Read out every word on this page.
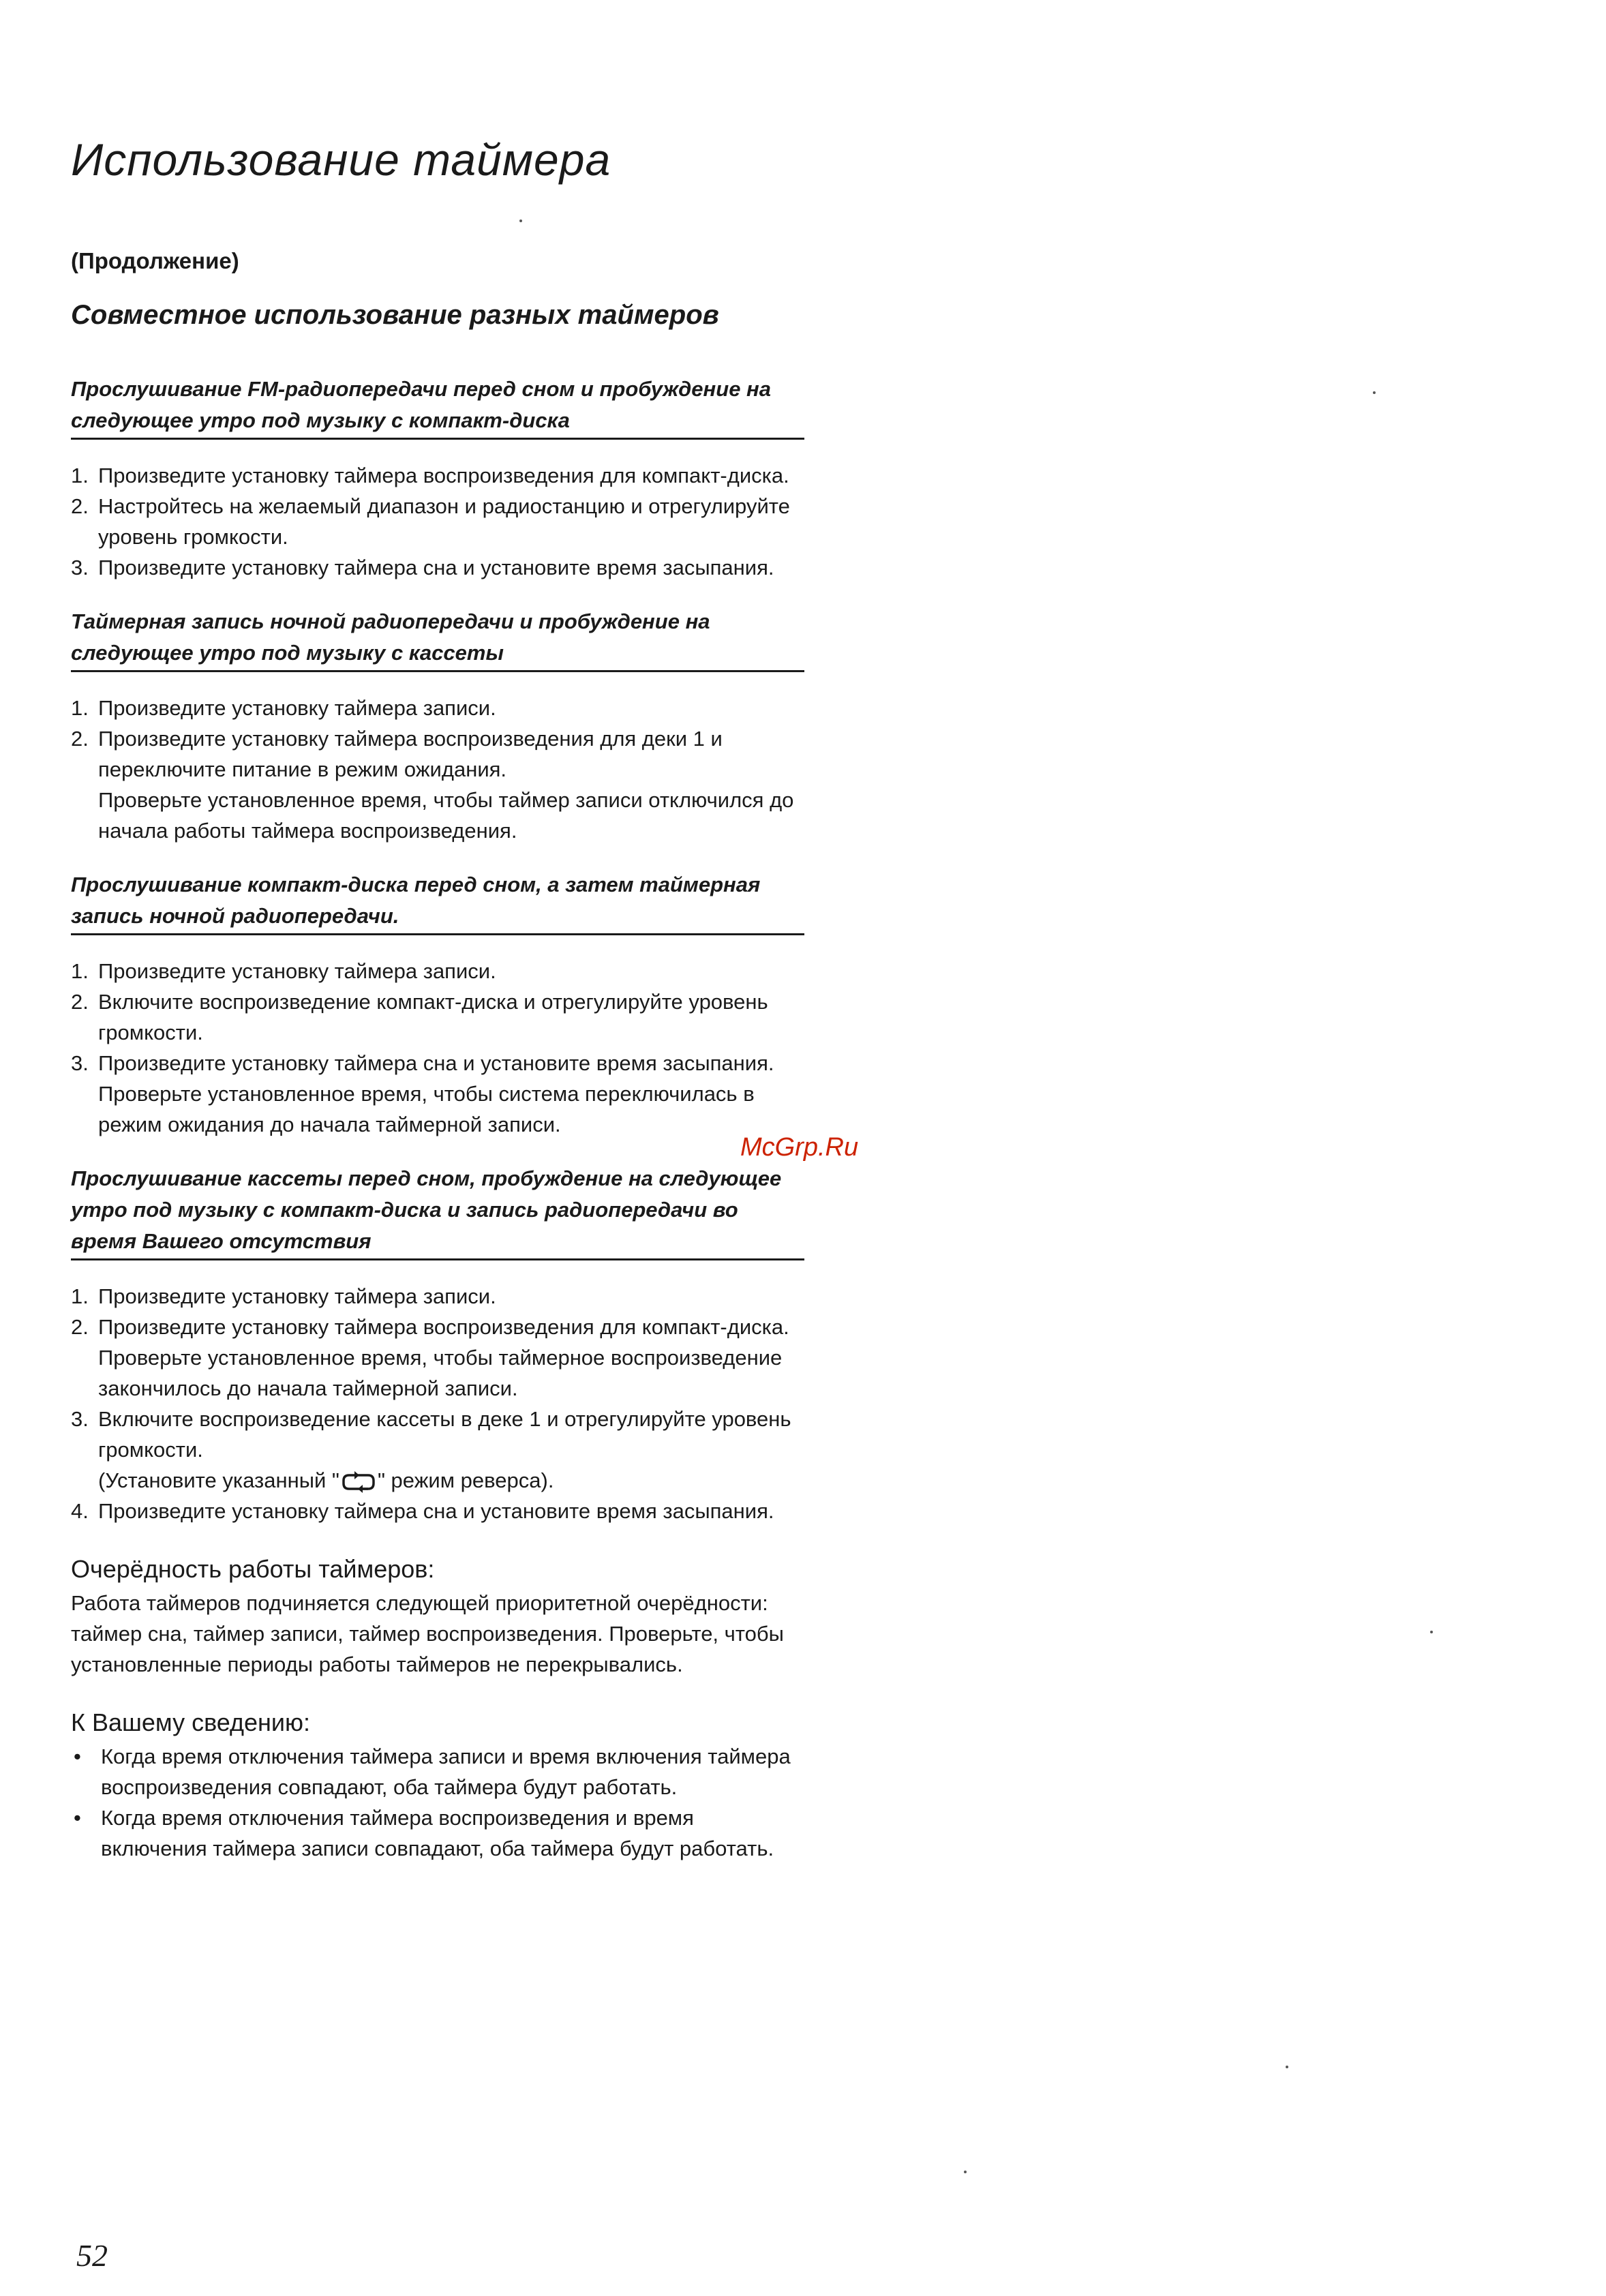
Использование таймера
(Продолжение)
Совместное использование разных таймеров
Прослушивание FM-радиопередачи перед сном и пробуждение на следующее утро под музыку с компакт-диска
1. Произведите установку таймера воспроизведения для компакт-диска.
2. Настройтесь на желаемый диапазон и радиостанцию и отрегулируйте уровень громкости.
3. Произведите установку таймера сна и установите время засыпания.
Таймерная запись ночной радиопередачи и пробуждение на следующее утро под музыку с кассеты
1. Произведите установку таймера записи.
2. Произведите установку таймера воспроизведения для деки 1 и переключите питание в режим ожидания.
Проверьте установленное время, чтобы таймер записи отключился до начала работы таймера воспроизведения.
Прослушивание компакт-диска перед сном, а затем таймерная запись ночной радиопередачи.
1. Произведите установку таймера записи.
2. Включите воспроизведение компакт-диска и отрегулируйте уровень громкости.
3. Произведите установку таймера сна и установите время засыпания.
Проверьте установленное время, чтобы система переключилась в режим ожидания до начала таймерной записи.
Прослушивание кассеты перед сном, пробуждение на следующее утро под музыку с компакт-диска и запись радиопередачи во время Вашего отсутствия
1. Произведите установку таймера записи.
2. Произведите установку таймера воспроизведения для компакт-диска.
Проверьте установленное время, чтобы таймерное воспроизведение закончилось до начала таймерной записи.
3. Включите воспроизведение кассеты в деке 1 и отрегулируйте уровень громкости.
(Установите указанный " " режим реверса).
4. Произведите установку таймера сна и установите время засыпания.
Очерёдность работы таймеров:

Работа таймеров подчиняется следующей приоритетной очерёдности: таймер сна, таймер записи, таймер воспроизведения. Проверьте, чтобы установленные периоды работы таймеров не перекрывались.

К Вашему сведению:
• Когда время отключения таймера записи и время включения таймера воспроизведения совпадают, оба таймера будут работать.
• Когда время отключения таймера воспроизведения и время включения таймера записи совпадают, оба таймера будут работать.
McGrp.Ru
52
